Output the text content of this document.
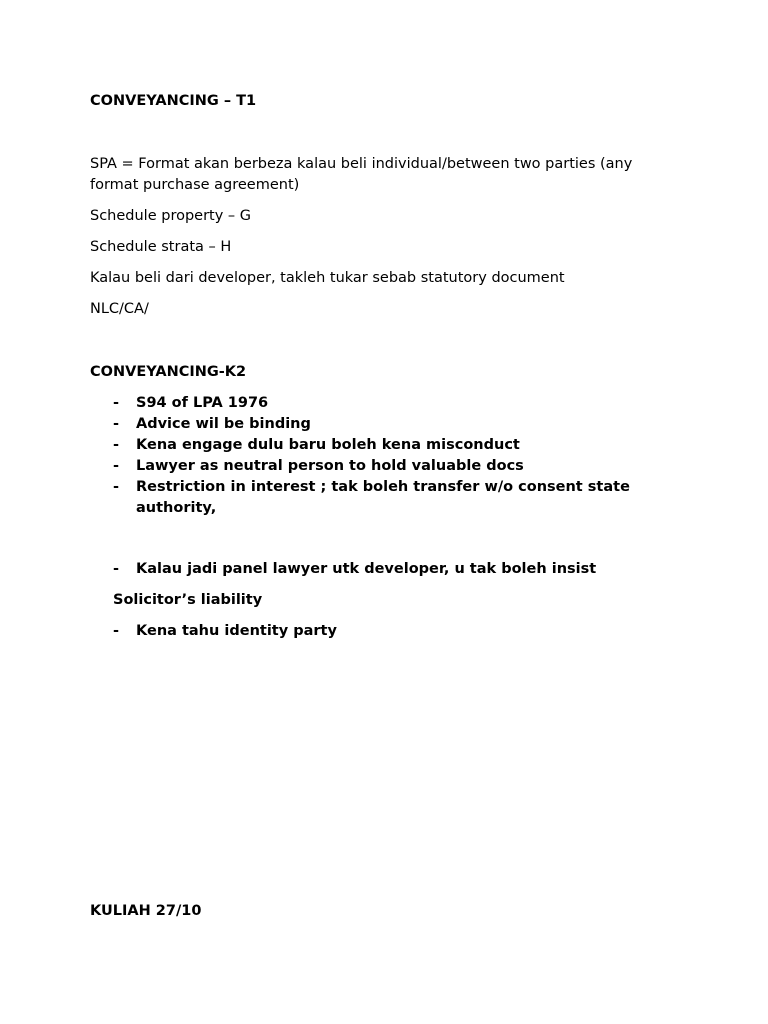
CONVEYANCING – T1

SPA = Format akan berbeza kalau beli individual/between two parties (any format purchase agreement)

Schedule property – G

Schedule strata – H

Kalau beli dari developer, takleh tukar sebab statutory document

NLC/CA/

CONVEYANCING-K2

- S94 of LPA 1976
- Advice wil be binding
- Kena engage dulu baru boleh kena misconduct
- Lawyer as neutral person to hold valuable docs
- Restriction in interest ; tak boleh transfer w/o consent state authority,
- Kalau jadi panel lawyer utk developer, u tak boleh insist

Solicitor’s liability

- Kena tahu identity party

KULIAH 27/10
